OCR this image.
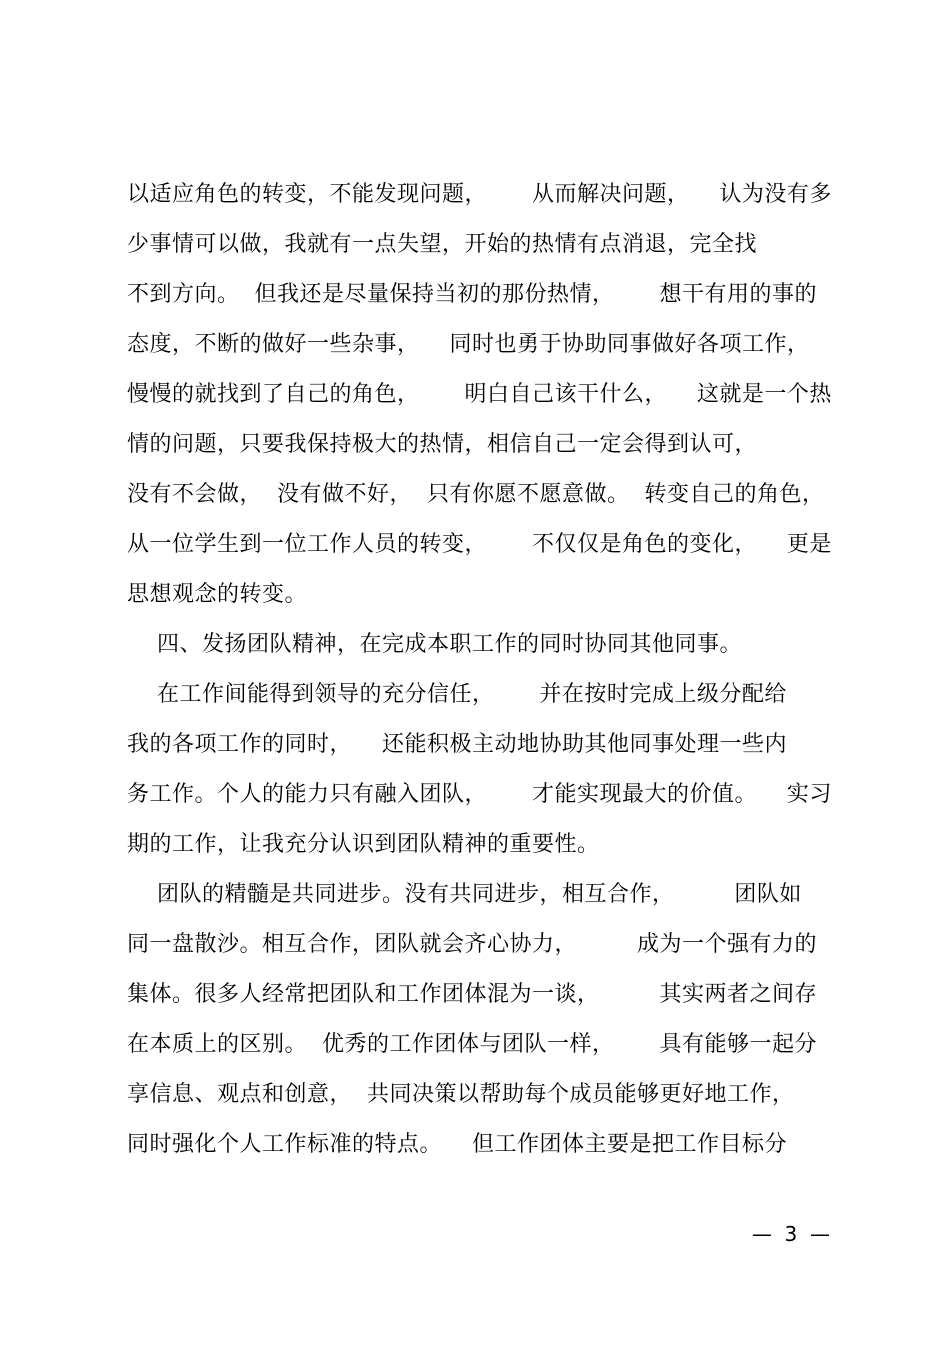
以适应角色的转变，不能发现问题，      从而解决问题，    认为没有多
少事情可以做，我就有一点失望，开始的热情有点消退，完全找
不到方向。  但我还是尽量保持当初的那份热情，      想干有用的事的
态度，不断的做好一些杂事，    同时也勇于协助同事做好各项工作，
慢慢的就找到了自己的角色，      明白自己该干什么，    这就是一个热
情的问题，只要我保持极大的热情，相信自己一定会得到认可，
没有不会做，  没有做不好，  只有你愿不愿意做。  转变自己的角色，
从一位学生到一位工作人员的转变，      不仅仅是角色的变化，    更是
思想观念的转变。
四、发扬团队精神，在完成本职工作的同时协同其他同事。
在工作间能得到领导的充分信任，      并在按时完成上级分配给
我的各项工作的同时，    还能积极主动地协助其他同事处理一些内
务工作。个人的能力只有融入团队，      才能实现最大的价值。    实习
期的工作，让我充分认识到团队精神的重要性。
团队的精髓是共同进步。没有共同进步，相互合作，        团队如
同一盘散沙。相互合作，团队就会齐心协力，        成为一个强有力的
集体。很多人经常把团队和工作团体混为一谈，        其实两者之间存
在本质上的区别。  优秀的工作团体与团队一样，      具有能够一起分
享信息、观点和创意，  共同决策以帮助每个成员能够更好地工作，
同时强化个人工作标准的特点。    但工作团体主要是把工作目标分
—  3  —
